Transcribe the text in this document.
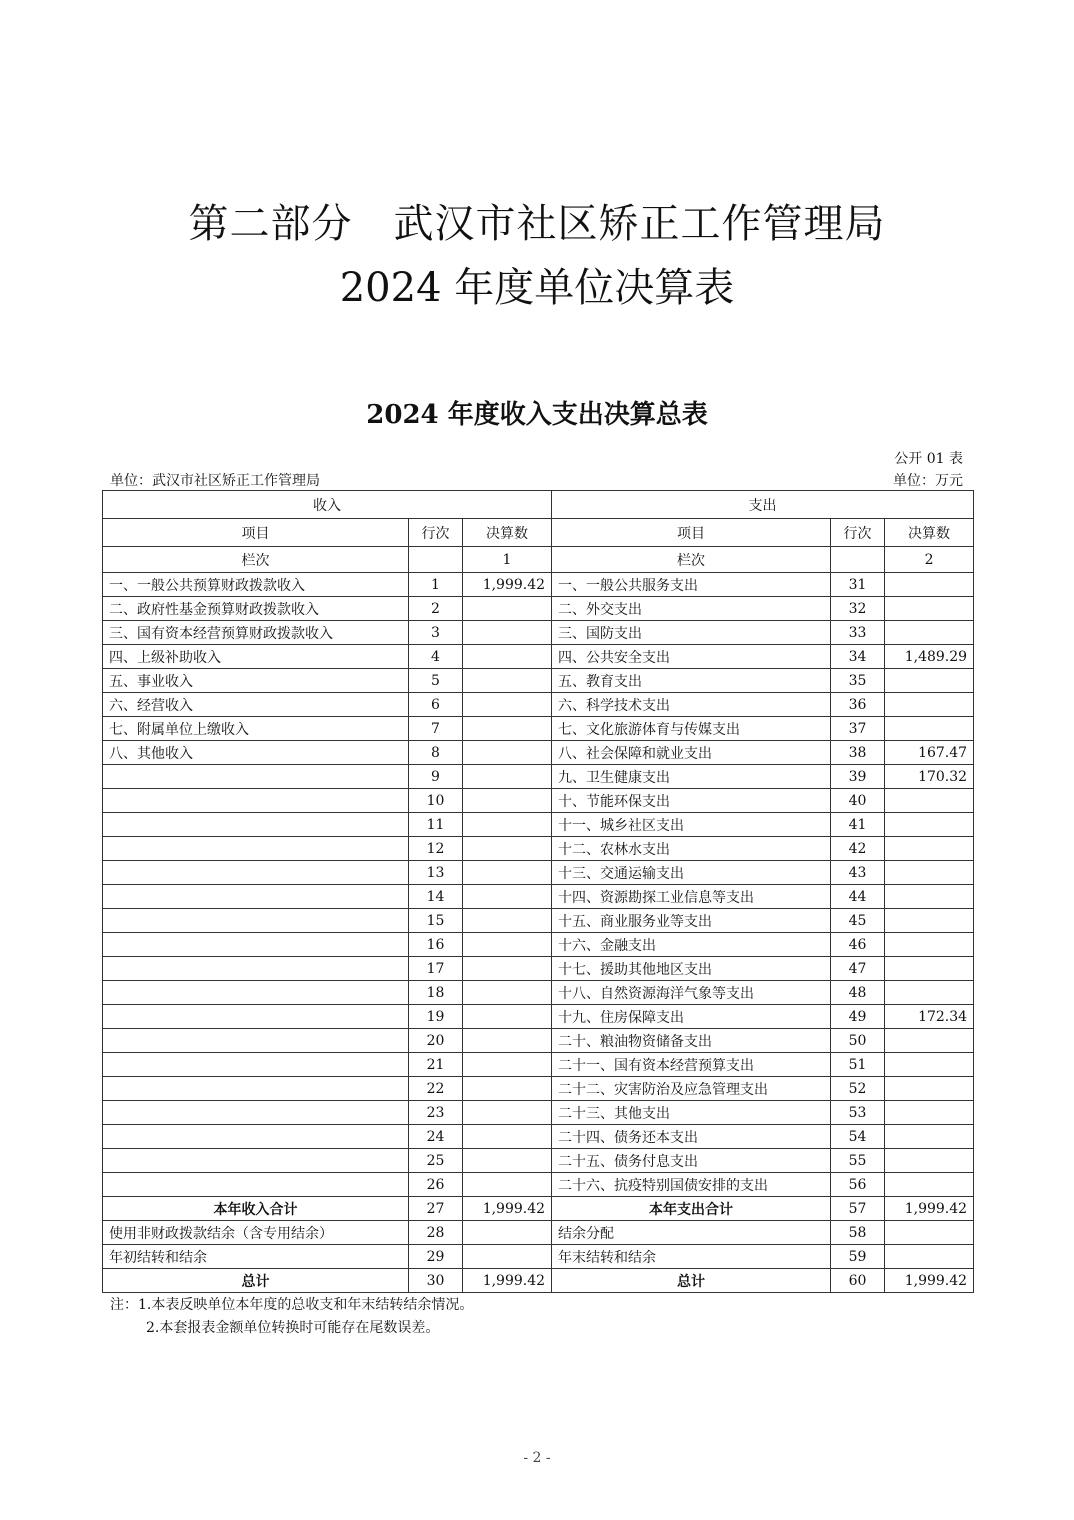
第二部分　武汉市社区矫正工作管理局
2024 年度单位决算表
2024 年度收入支出决算总表
公开 01 表
单位：武汉市社区矫正工作管理局	单位：万元
收入			支出		
项目	行次	决算数	项目	行次	决算数
栏次		1	栏次		2
一、一般公共预算财政拨款收入	1	1,999.42	一、一般公共服务支出	31	
二、政府性基金预算财政拨款收入	2		二、外交支出	32	
三、国有资本经营预算财政拨款收入	3		三、国防支出	33	
四、上级补助收入	4		四、公共安全支出	34	1,489.29
五、事业收入	5		五、教育支出	35	
六、经营收入	6		六、科学技术支出	36	
七、附属单位上缴收入	7		七、文化旅游体育与传媒支出	37	
八、其他收入	8		八、社会保障和就业支出	38	167.47
	9		九、卫生健康支出	39	170.32
	10		十、节能环保支出	40	
	11		十一、城乡社区支出	41	
	12		十二、农林水支出	42	
	13		十三、交通运输支出	43	
	14		十四、资源勘探工业信息等支出	44	
	15		十五、商业服务业等支出	45	
	16		十六、金融支出	46	
	17		十七、援助其他地区支出	47	
	18		十八、自然资源海洋气象等支出	48	
	19		十九、住房保障支出	49	172.34
	20		二十、粮油物资储备支出	50	
	21		二十一、国有资本经营预算支出	51	
	22		二十二、灾害防治及应急管理支出	52	
	23		二十三、其他支出	53	
	24		二十四、债务还本支出	54	
	25		二十五、债务付息支出	55	
	26		二十六、抗疫特别国债安排的支出	56	
本年收入合计	27	1,999.42	本年支出合计	57	1,999.42
使用非财政拨款结余（含专用结余）	28		结余分配	58	
年初结转和结余	29		年末结转和结余	59	
总计	30	1,999.42	总计	60	1,999.42
注：1.本表反映单位本年度的总收支和年末结转结余情况。
2.本套报表金额单位转换时可能存在尾数误差。
- 2 -
